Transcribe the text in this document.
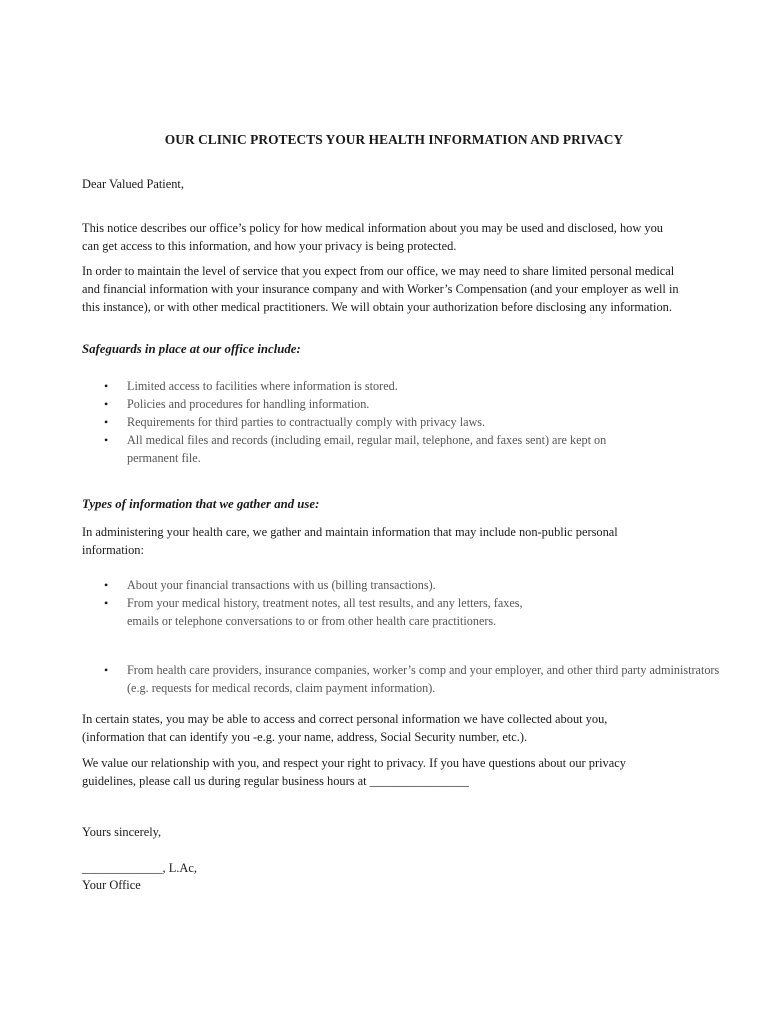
OUR CLINIC PROTECTS YOUR HEALTH INFORMATION AND PRIVACY
Dear Valued Patient,
This notice describes our office’s policy for how medical information about you may be used and disclosed, how you can get access to this information, and how your privacy is being protected.
In order to maintain the level of service that you expect from our office, we may need to share limited personal medical and financial information with your insurance company and with Worker’s Compensation (and your employer as well in this instance), or with other medical practitioners. We will obtain your authorization before disclosing any information.
Safeguards in place at our office include:
• Limited access to facilities where information is stored.
• Policies and procedures for handling information.
• Requirements for third parties to contractually comply with privacy laws.
• All medical files and records (including email, regular mail, telephone, and faxes sent) are kept on permanent file.
Types of information that we gather and use:
In administering your health care, we gather and maintain information that may include non-public personal information:
• About your financial transactions with us (billing transactions).
• From your medical history, treatment notes, all test results, and any letters, faxes, emails or telephone conversations to or from other health care practitioners.
• From health care providers, insurance companies, worker’s comp and your employer, and other third party administrators (e.g. requests for medical records, claim payment information).
In certain states, you may be able to access and correct personal information we have collected about you, (information that can identify you -e.g. your name, address, Social Security number, etc.).
We value our relationship with you, and respect your right to privacy. If you have questions about our privacy guidelines, please call us during regular business hours at ________________
Yours sincerely,
_____________, L.Ac,
Your Office
